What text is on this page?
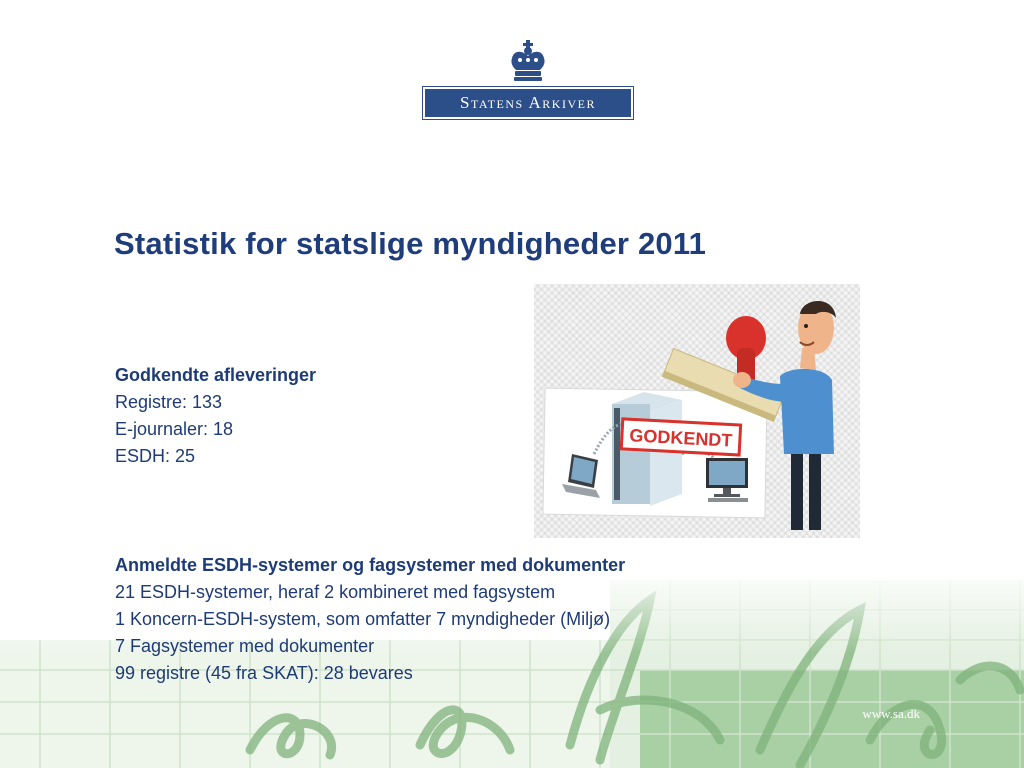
Statens Arkiver
Statistik for statslige myndigheder 2011
Godkendte afleveringer
Registre: 133
E-journaler: 18
ESDH: 25
Anmeldte ESDH-systemer og fagsystemer med dokumenter
21 ESDH-systemer, heraf 2 kombineret med fagsystem
1 Koncern-ESDH-system, som omfatter 7 myndigheder (Miljø)
7 Fagsystemer med dokumenter
99 registre (45 fra SKAT): 28 bevares
GODKENDT
www.sa.dk
